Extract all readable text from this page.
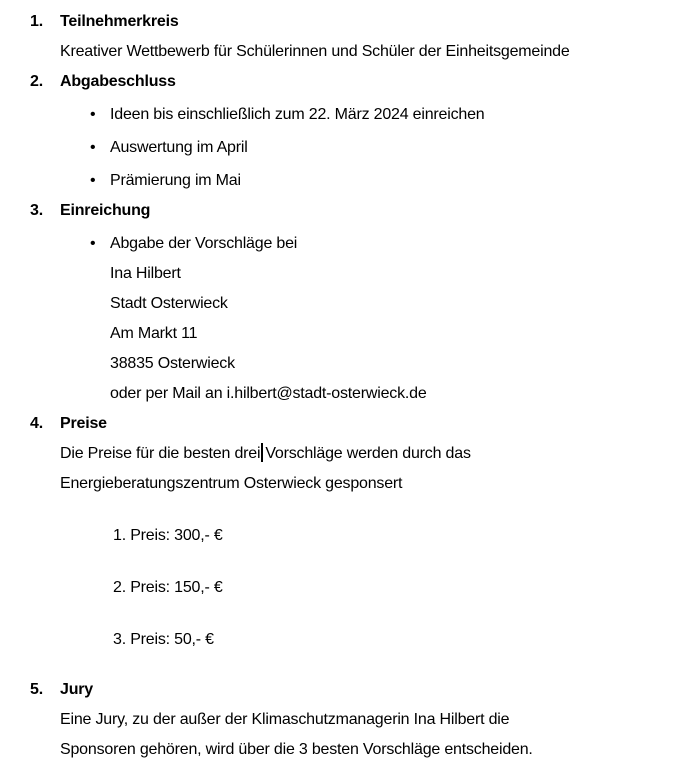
1. Teilnehmerkreis
Kreativer Wettbewerb für Schülerinnen und Schüler der Einheitsgemeinde
2. Abgabeschluss
• Ideen bis einschließlich zum 22. März 2024 einreichen
• Auswertung im April
• Prämierung im Mai
3. Einreichung
• Abgabe der Vorschläge bei
Ina Hilbert
Stadt Osterwieck
Am Markt 11
38835 Osterwieck
oder per Mail an i.hilbert@stadt-osterwieck.de
4. Preise
Die Preise für die besten drei Vorschläge werden durch das
Energieberatungszentrum Osterwieck gesponsert
1. Preis: 300,- €
2. Preis: 150,- €
3. Preis: 50,- €
5. Jury
Eine Jury, zu der außer der Klimaschutzmanagerin Ina Hilbert die
Sponsoren gehören, wird über die 3 besten Vorschläge entscheiden.
